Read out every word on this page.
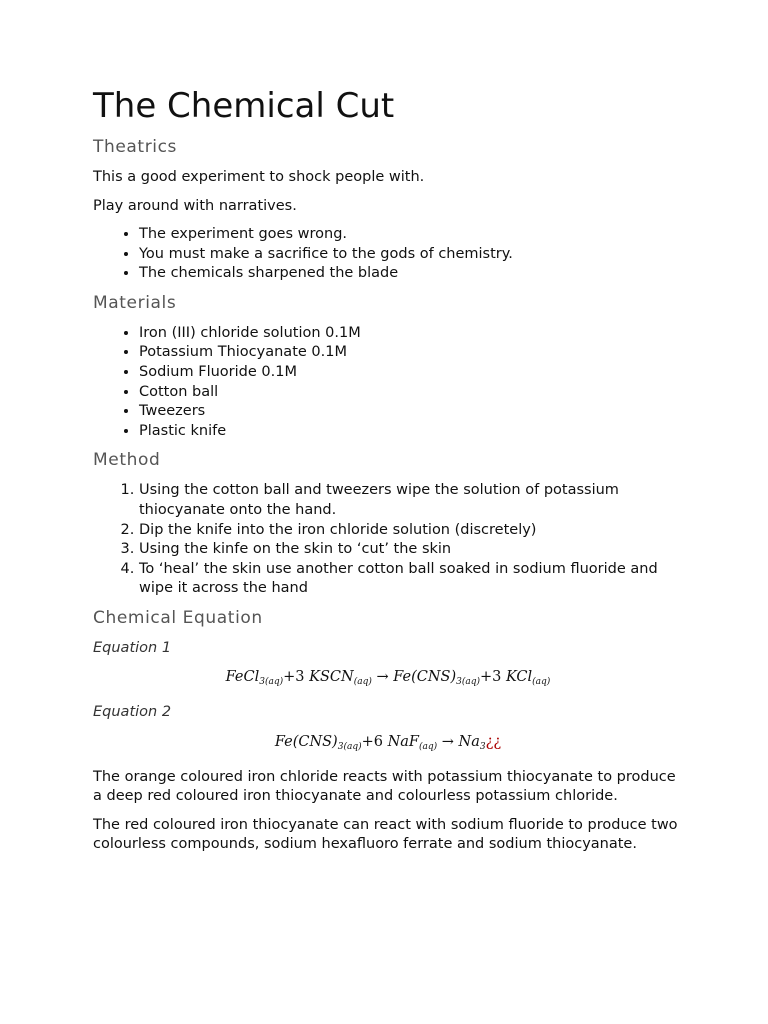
The Chemical Cut
Theatrics

This a good experiment to shock people with.

Play around with narratives.

• The experiment goes wrong.
• You must make a sacrifice to the gods of chemistry.
• The chemicals sharpened the blade
Materials
• Iron (III) chloride solution 0.1M
• Potassium Thiocyanate 0.1M
• Sodium Fluoride 0.1M
• Cotton ball
• Tweezers
• Plastic knife
Method
1. Using the cotton ball and tweezers wipe the solution of potassium thiocyanate onto the hand.
2. Dip the knife into the iron chloride solution (discretely)
3. Using the kinfe on the skin to ‘cut’ the skin
4. To ‘heal’ the skin use another cotton ball soaked in sodium fluoride and wipe it across the hand
Chemical Equation

Equation 1

FeCl$_{3(aq)}$+3 $KSCN_{(aq)} \to Fe(CNS)_{3(aq)}+3$ KCl$_{(aq)}$

Equation 2

$Fe(CNS)_{3(aq)}+6$ $NaF_{(aq)} \to Na_3¿¿$

The orange coloured iron chloride reacts with potassium thiocyanate to produce a deep red coloured iron thiocyanate and colourless potassium chloride.

The red coloured iron thiocyanate can react with sodium fluoride to produce two colourless compounds, sodium hexafluoro ferrate and sodium thiocyanate.
